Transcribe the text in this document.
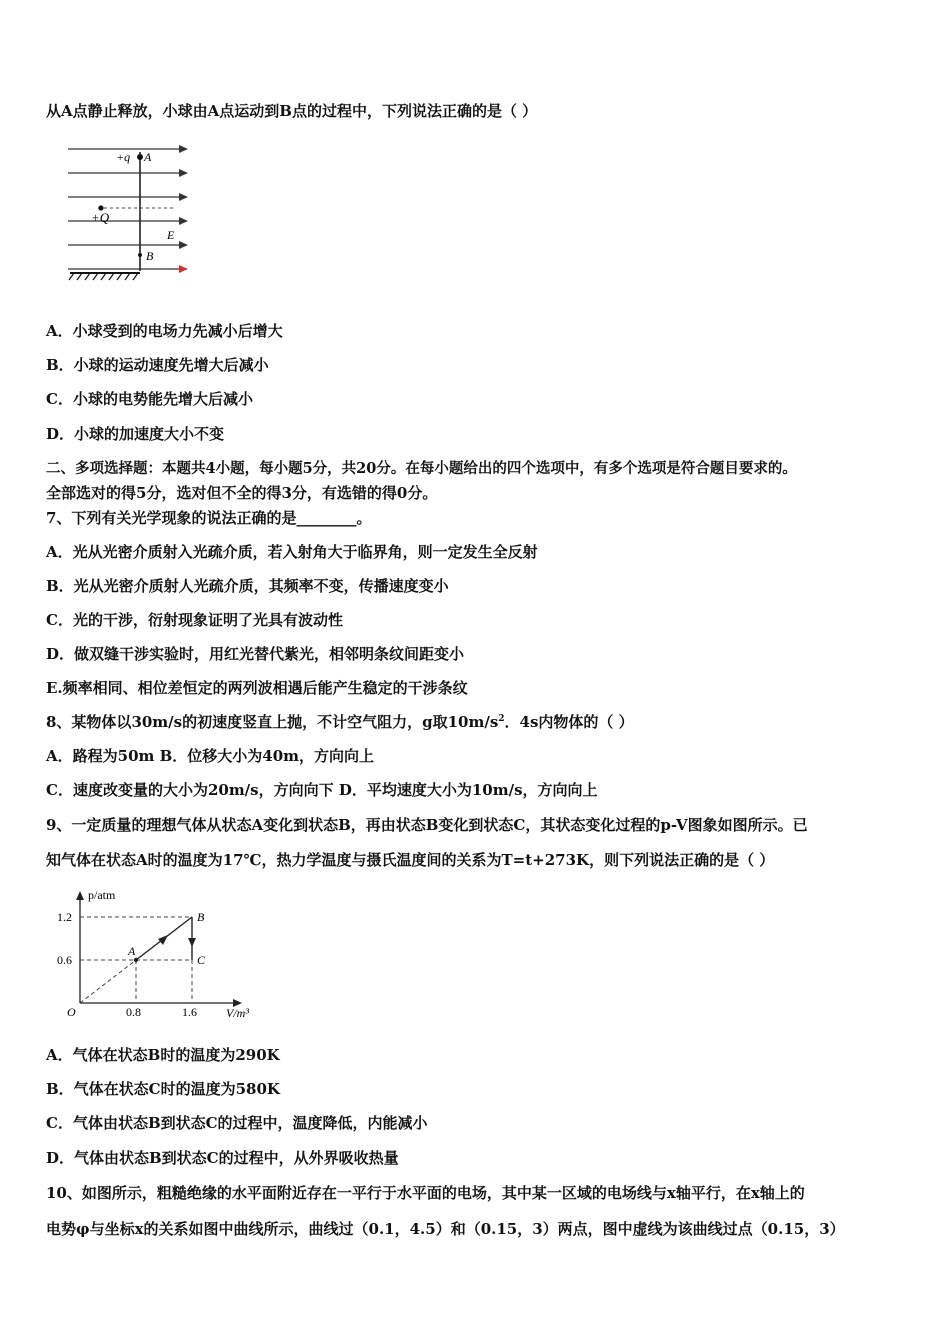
从A点静止释放，小球由A点运动到B点的过程中，下列说法正确的是（ ）
+q A
+Q
E
B
A．小球受到的电场力先减小后增大
B．小球的运动速度先增大后减小
C．小球的电势能先增大后减小
D．小球的加速度大小不变
二、多项选择题：本题共4小题，每小题5分，共20分。在每小题给出的四个选项中，有多个选项是符合题目要求的。
全部选对的得5分，选对但不全的得3分，有选错的得0分。
7、下列有关光学现象的说法正确的是________。
A．光从光密介质射入光疏介质，若入射角大于临界角，则一定发生全反射
B．光从光密介质射人光疏介质，其频率不变，传播速度变小
C．光的干涉，衍射现象证明了光具有波动性
D．做双缝干涉实验时，用红光替代紫光，相邻明条纹间距变小
E.频率相同、相位差恒定的两列波相遇后能产生稳定的干涉条纹
8、某物体以30m/s的初速度竖直上抛，不计空气阻力，g取$10m/s^2$．4s内物体的（ ）
A．路程为50m B．位移大小为40m，方向向上
C．速度改变量的大小为20m/s，方向向下 D．平均速度大小为10m/s，方向向上
9、一定质量的理想气体从状态A变化到状态B，再由状态B变化到状态C，其状态变化过程的p-V图象如图所示。已
知气体在状态A时的温度为17℃，热力学温度与摄氏温度间的关系为T=t+273K，则下列说法正确的是（ ）
p/atm
V/m³
O
1.2
0.6
0.8	1.6
A
B
C
A．气体在状态B时的温度为290K
B．气体在状态C时的温度为580K
C．气体由状态B到状态C的过程中，温度降低，内能减小
D．气体由状态B到状态C的过程中，从外界吸收热量
10、如图所示，粗糙绝缘的水平面附近存在一平行于水平面的电场，其中某一区域的电场线与x轴平行，在x轴上的
电势φ与坐标x的关系如图中曲线所示，曲线过（0.1，4.5）和（0.15，3）两点，图中虚线为该曲线过点（0.15，3）
